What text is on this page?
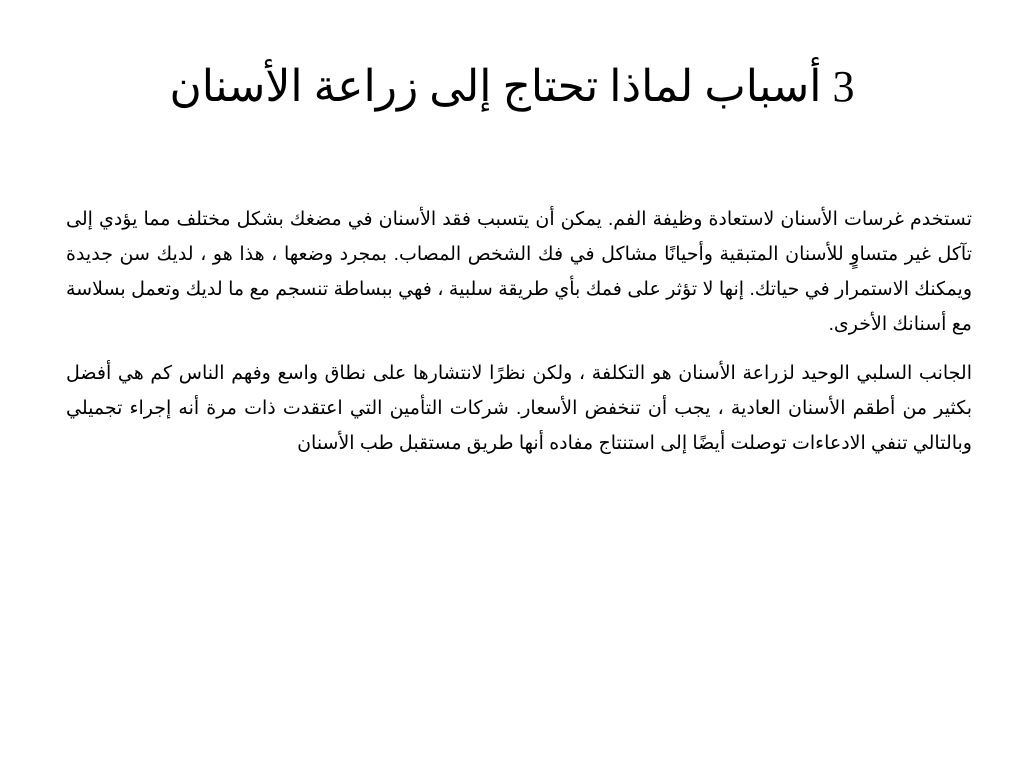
3 أسباب لماذا تحتاج إلى زراعة الأسنان

تستخدم غرسات الأسنان لاستعادة وظيفة الفم. يمكن أن يتسبب فقد الأسنان في مضغك بشكل مختلف مما يؤدي إلى تآكل غير متساوٍ للأسنان المتبقية وأحيانًا مشاكل في فك الشخص المصاب. بمجرد وضعها ، هذا هو ، لديك سن جديدة ويمكنك الاستمرار في حياتك. إنها لا تؤثر على فمك بأي طريقة سلبية ، فهي ببساطة تنسجم مع ما لديك وتعمل بسلاسة مع أسنانك الأخرى.

الجانب السلبي الوحيد لزراعة الأسنان هو التكلفة ، ولكن نظرًا لانتشارها على نطاق واسع وفهم الناس كم هي أفضل بكثير من أطقم الأسنان العادية ، يجب أن تنخفض الأسعار. شركات التأمين التي اعتقدت ذات مرة أنه إجراء تجميلي وبالتالي تنفي الادعاءات توصلت أيضًا إلى استنتاج مفاده أنها طريق مستقبل طب الأسنان
